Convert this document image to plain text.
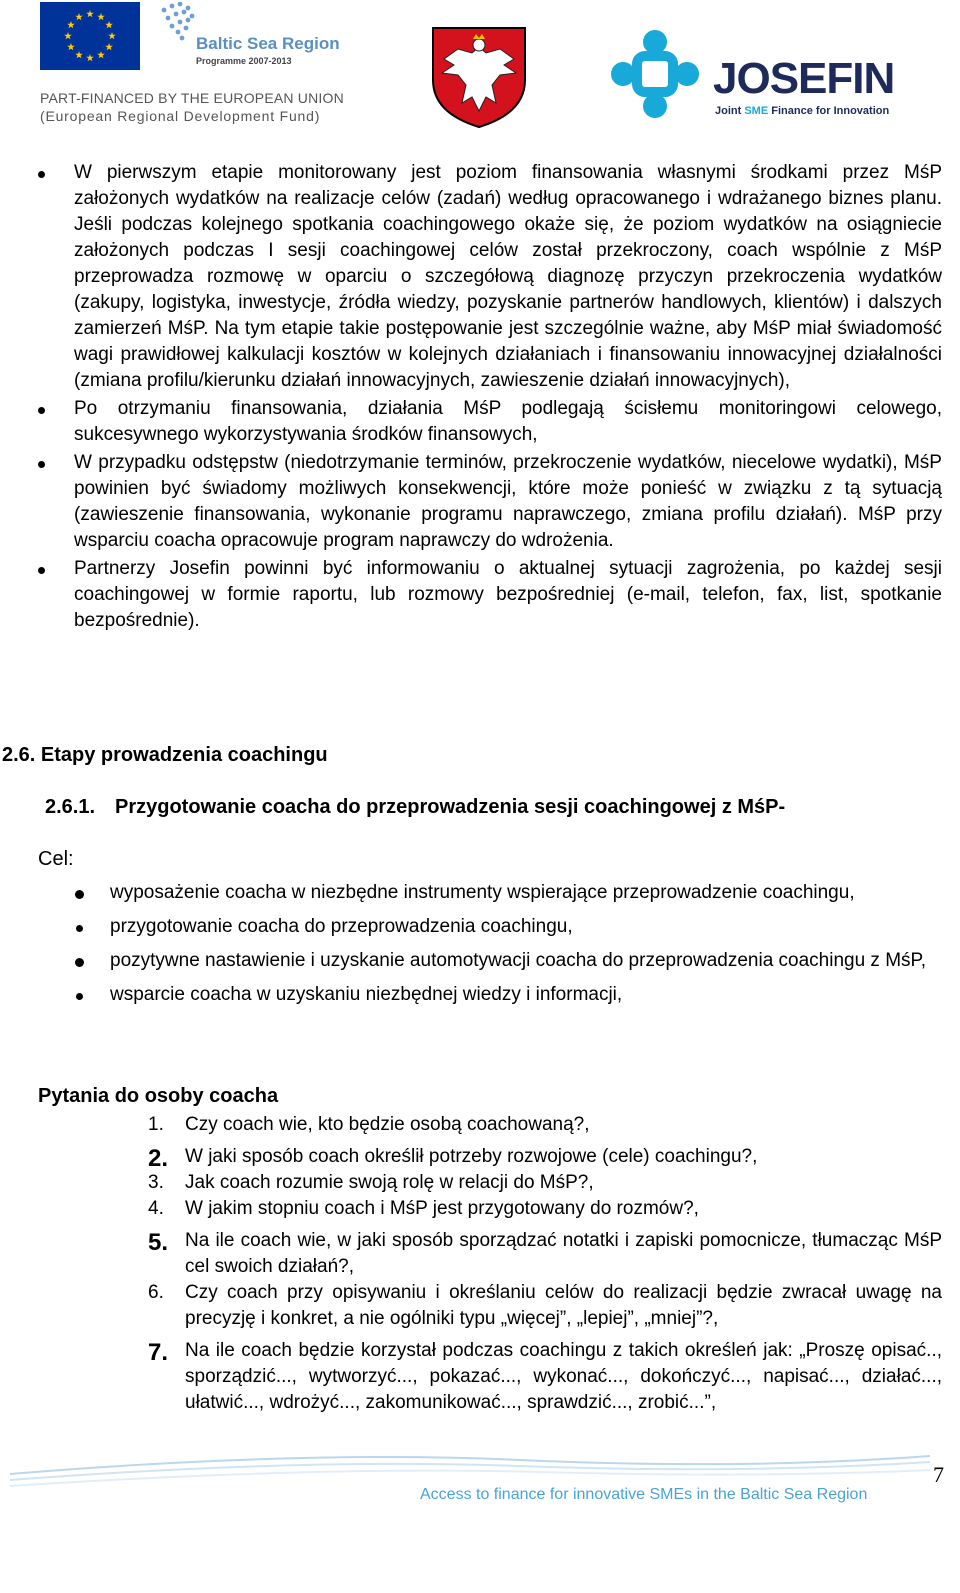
Baltic Sea Region
Programme 2007-2013
PART-FINANCED BY THE EUROPEAN UNION
(European Regional Development Fund)
JOSEFIN
Joint SME Finance for Innovation
W pierwszym etapie monitorowany jest poziom finansowania własnymi środkami przez MśP założonych wydatków na realizacje celów (zadań) według opracowanego i wdrażanego biznes planu. Jeśli podczas kolejnego spotkania coachingowego okaże się, że poziom wydatków na osiągniecie założonych podczas I sesji coachingowej celów został przekroczony, coach wspólnie z MśP przeprowadza rozmowę w oparciu o szczegółową diagnozę przyczyn przekroczenia wydatków (zakupy, logistyka, inwestycje, źródła wiedzy, pozyskanie partnerów handlowych, klientów) i dalszych zamierzeń MśP. Na tym etapie takie postępowanie jest szczególnie ważne, aby MśP miał świadomość wagi prawidłowej kalkulacji kosztów w kolejnych działaniach i finansowaniu innowacyjnej działalności (zmiana profilu/kierunku działań innowacyjnych, zawieszenie działań innowacyjnych),
Po otrzymaniu finansowania, działania MśP podlegają ścisłemu monitoringowi celowego, sukcesywnego wykorzystywania środków finansowych,
W przypadku odstępstw (niedotrzymanie terminów, przekroczenie wydatków, niecelowe wydatki), MśP powinien być świadomy możliwych konsekwencji, które może ponieść w związku z tą sytuacją (zawieszenie finansowania, wykonanie programu naprawczego, zmiana profilu działań). MśP przy wsparciu coacha opracowuje program naprawczy do wdrożenia.
Partnerzy Josefin powinni być informowaniu o aktualnej sytuacji zagrożenia, po każdej sesji coachingowej w formie raportu, lub rozmowy bezpośredniej (e-mail, telefon, fax, list, spotkanie bezpośrednie).
2.6. Etapy prowadzenia coachingu
2.6.1. Przygotowanie coacha do przeprowadzenia sesji coachingowej z MśP-
Cel:
wyposażenie coacha w niezbędne instrumenty wspierające przeprowadzenie coachingu,
przygotowanie coacha do przeprowadzenia coachingu,
pozytywne nastawienie i uzyskanie automotywacji coacha do przeprowadzenia coachingu z MśP,
wsparcie coacha w uzyskaniu niezbędnej wiedzy i informacji,
Pytania do osoby coacha
1. Czy coach wie, kto będzie osobą coachowaną?,
2. W jaki sposób coach określił potrzeby rozwojowe (cele) coachingu?,
3. Jak coach rozumie swoją rolę w relacji do MśP?,
4. W jakim stopniu coach i MśP jest przygotowany do rozmów?,
5. Na ile coach wie, w jaki sposób sporządzać notatki i zapiski pomocnicze, tłumacząc MśP cel swoich działań?,
6. Czy coach przy opisywaniu i określaniu celów do realizacji będzie zwracał uwagę na precyzję i konkret, a nie ogólniki typu „więcej”, „lepiej”, „mniej”?,
7. Na ile coach będzie korzystał podczas coachingu z takich określeń jak: „Proszę opisać.., sporządzić..., wytworzyć..., pokazać..., wykonać..., dokończyć..., napisać..., działać..., ułatwić..., wdrożyć..., zakomunikować..., sprawdzić..., zrobić...”,
7
Access to finance for innovative SMEs in the Baltic Sea Region
